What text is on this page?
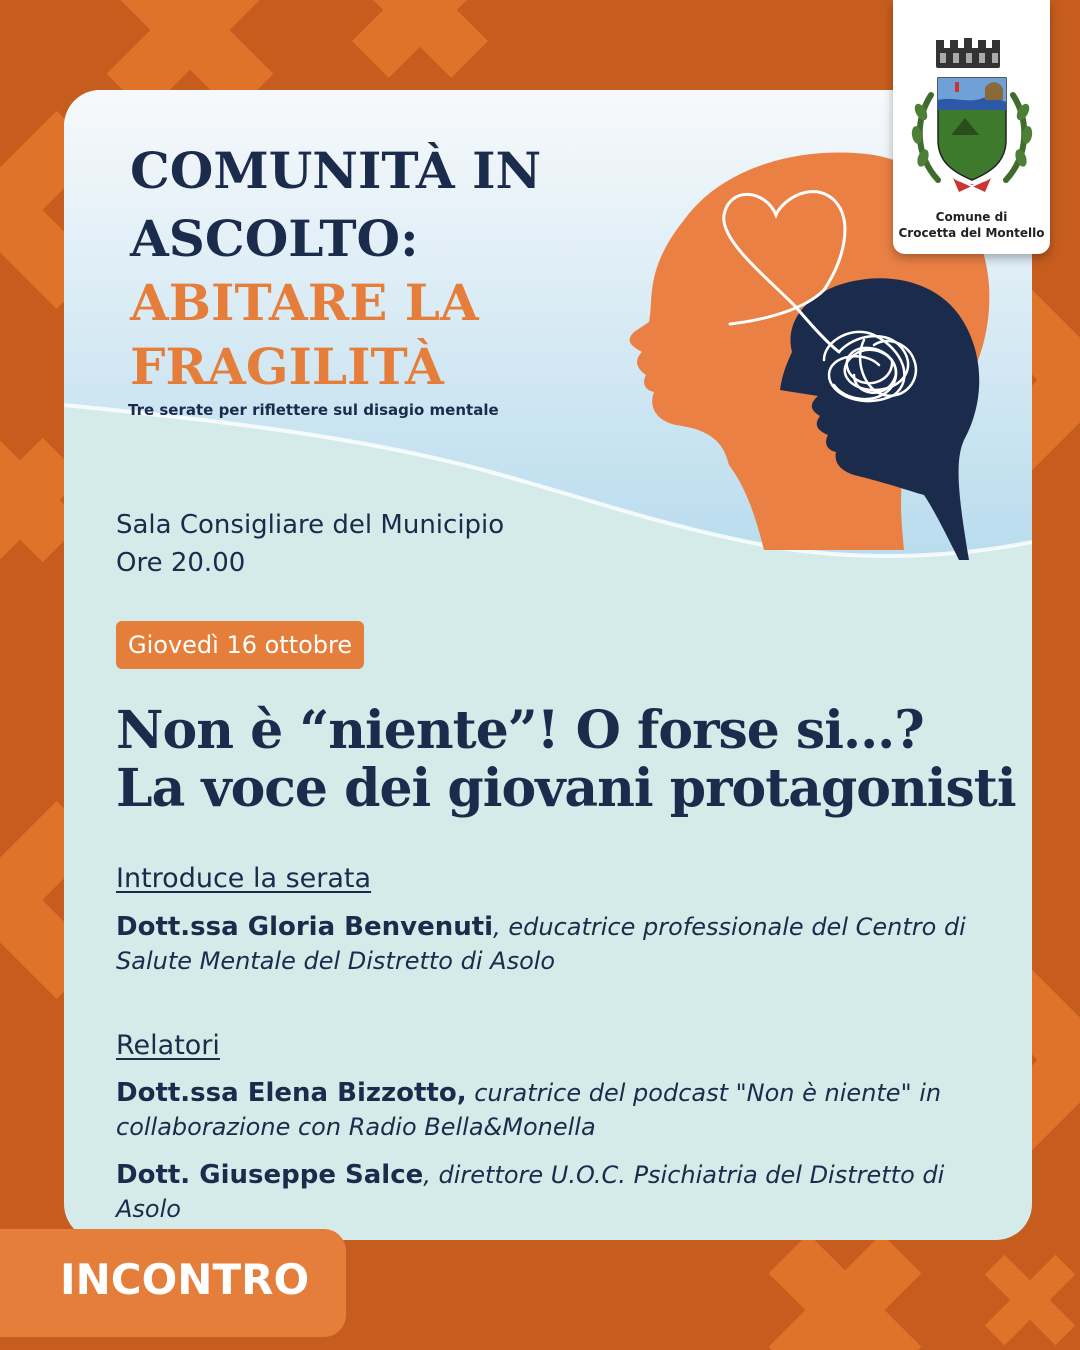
COMUNITÀ IN

ASCOLTO:

ABITARE LA

FRAGILITÀ

Tre serate per riflettere sul disagio mentale
Sala Consigliare del Municipio
Ore 20.00
Giovedì 16 ottobre

Non è “niente”! O forse si...?

La voce dei giovani protagonisti

Introduce la serata
Dott.ssa Gloria Benvenuti, educatrice professionale del Centro di Salute Mentale del Distretto di Asolo
Relatori
Dott.ssa Elena Bizzotto, curatrice del podcast "Non è niente" in collaborazione con Radio Bella&Monella
Dott. Giuseppe Salce, direttore U.O.C. Psichiatria del Distretto di Asolo
INCONTRO
Comune di
Crocetta del Montello
